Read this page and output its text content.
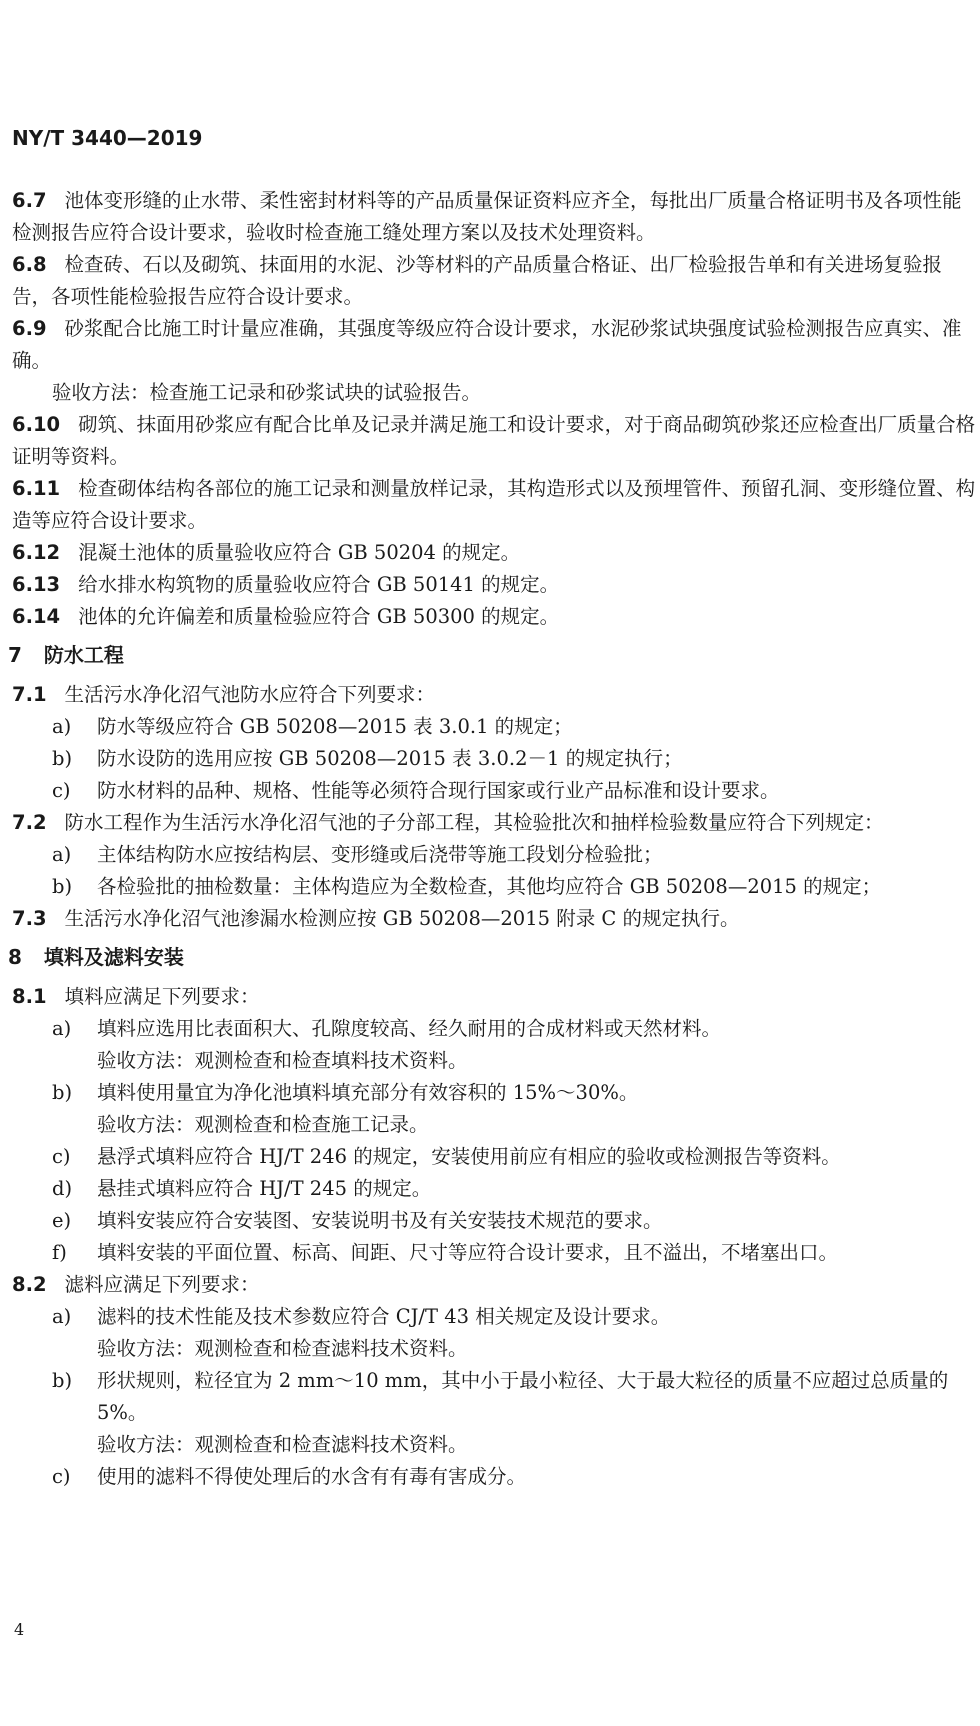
NY/T 3440—2019

6.7 池体变形缝的止水带、柔性密封材料等的产品质量保证资料应齐全，每批出厂质量合格证明书及各项性能检测报告应符合设计要求，验收时检查施工缝处理方案以及技术处理资料。

6.8 检查砖、石以及砌筑、抹面用的水泥、沙等材料的产品质量合格证、出厂检验报告单和有关进场复验报告，各项性能检验报告应符合设计要求。

6.9 砂浆配合比施工时计量应准确，其强度等级应符合设计要求，水泥砂浆试块强度试验检测报告应真实、准确。

验收方法：检查施工记录和砂浆试块的试验报告。

6.10 砌筑、抹面用砂浆应有配合比单及记录并满足施工和设计要求，对于商品砌筑砂浆还应检查出厂质量合格证明等资料。

6.11 检查砌体结构各部位的施工记录和测量放样记录，其构造形式以及预埋管件、预留孔洞、变形缝位置、构造等应符合设计要求。

6.12 混凝土池体的质量验收应符合 GB 50204 的规定。

6.13 给水排水构筑物的质量验收应符合 GB 50141 的规定。

6.14 池体的允许偏差和质量检验应符合 GB 50300 的规定。

7 防水工程

7.1 生活污水净化沼气池防水应符合下列要求：

a) 防水等级应符合 GB 50208—2015 表 3.0.1 的规定；

b) 防水设防的选用应按 GB 50208—2015 表 3.0.2－1 的规定执行；

c) 防水材料的品种、规格、性能等必须符合现行国家或行业产品标准和设计要求。

7.2 防水工程作为生活污水净化沼气池的子分部工程，其检验批次和抽样检验数量应符合下列规定：

a) 主体结构防水应按结构层、变形缝或后浇带等施工段划分检验批；

b) 各检验批的抽检数量：主体构造应为全数检查，其他均应符合 GB 50208—2015 的规定；

7.3 生活污水净化沼气池渗漏水检测应按 GB 50208—2015 附录 C 的规定执行。

8 填料及滤料安装

8.1 填料应满足下列要求：

a) 填料应选用比表面积大、孔隙度较高、经久耐用的合成材料或天然材料。

验收方法：观测检查和检查填料技术资料。

b) 填料使用量宜为净化池填料填充部分有效容积的 15%～30%。

验收方法：观测检查和检查施工记录。

c) 悬浮式填料应符合 HJ/T 246 的规定，安装使用前应有相应的验收或检测报告等资料。

d) 悬挂式填料应符合 HJ/T 245 的规定。

e) 填料安装应符合安装图、安装说明书及有关安装技术规范的要求。

f) 填料安装的平面位置、标高、间距、尺寸等应符合设计要求，且不溢出，不堵塞出口。

8.2 滤料应满足下列要求：

a) 滤料的技术性能及技术参数应符合 CJ/T 43 相关规定及设计要求。

验收方法：观测检查和检查滤料技术资料。

b) 形状规则，粒径宜为 2 mm～10 mm，其中小于最小粒径、大于最大粒径的质量不应超过总质量的 5%。

验收方法：观测检查和检查滤料技术资料。

c) 使用的滤料不得使处理后的水含有有毒有害成分。

4
